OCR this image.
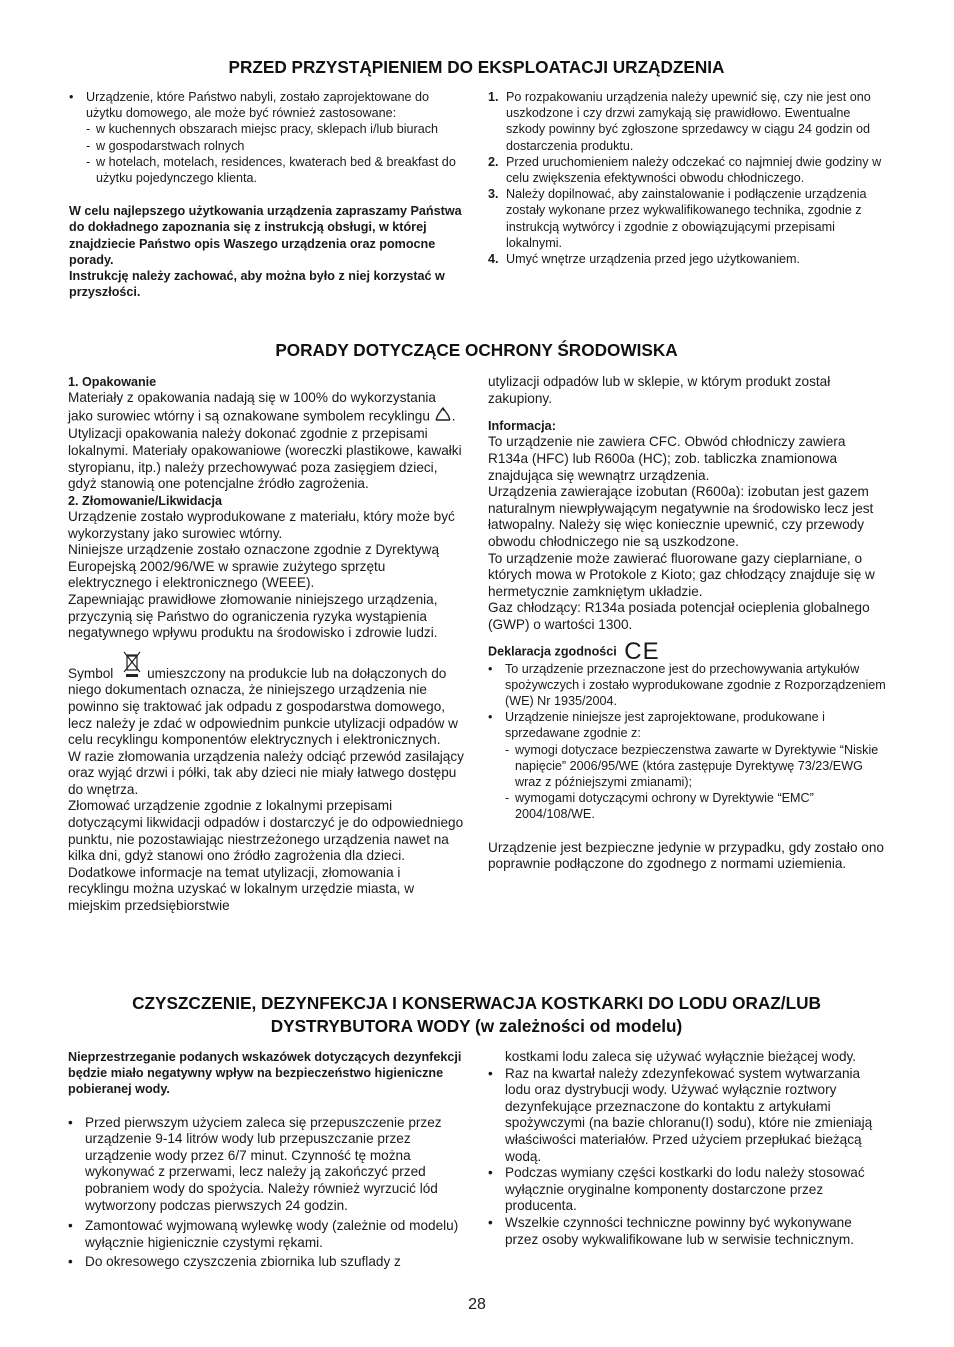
PRZED PRZYSTĄPIENIEM DO EKSPLOATACJI URZĄDZENIA
• Urządzenie, które Państwo nabyli, zostało zaprojektowane do użytku domowego, ale może być również zastosowane:
- w kuchennych obszarach miejsc pracy, sklepach i/lub biurach
- w gospodarstwach rolnych
- w hotelach, motelach, residences, kwaterach bed & breakfast do użytku pojedynczego klienta.

W celu najlepszego użytkowania urządzenia zapraszamy Państwa do dokładnego zapoznania się z instrukcją obsługi, w której znajdziecie Państwo opis Waszego urządzenia oraz pomocne porady.

Instrukcję należy zachować, aby można było z niej korzystać w przyszłości.

1. Po rozpakowaniu urządzenia należy upewnić się, czy nie jest ono uszkodzone i czy drzwi zamykają się prawidłowo. Ewentualne szkody powinny być zgłoszone sprzedawcy w ciągu 24 godzin od dostarczenia produktu.
2. Przed uruchomieniem należy odczekać co najmniej dwie godziny w celu zwiększenia efektywności obwodu chłodniczego.
3. Należy dopilnować, aby zainstalowanie i podłączenie urządzenia zostały wykonane przez wykwalifikowanego technika, zgodnie z instrukcją wytwórcy i zgodnie z obowiązującymi przepisami lokalnymi.
4. Umyć wnętrze urządzenia przed jego użytkowaniem.
PORADY DOTYCZĄCE OCHRONY ŚRODOWISKA

1. Opakowanie

Materiały z opakowania nadają się w 100% do wykorzystania jako surowiec wtórny i są oznakowane symbolem recyklingu . Utylizacji opakowania należy dokonać zgodnie z przepisami lokalnymi. Materiały opakowaniowe (woreczki plastikowe, kawałki styropianu, itp.) należy przechowywać poza zasięgiem dzieci, gdyż stanowią one potencjalne źródło zagrożenia.

2. Złomowanie/Likwidacja

Urządzenie zostało wyprodukowane z materiału, który może być wykorzystany jako surowiec wtórny.

Niniejsze urządzenie zostało oznaczone zgodnie z Dyrektywą Europejską 2002/96/WE w sprawie zużytego sprzętu elektrycznego i elektronicznego (WEEE).

Zapewniając prawidłowe złomowanie niniejszego urządzenia, przyczynią się Państwo do ograniczenia ryzyka wystąpienia negatywnego wpływu produktu na środowisko i zdrowie ludzi.

Symbol umieszczony na produkcie lub na dołączonych do niego dokumentach oznacza, że niniejszego urządzenia nie powinno się traktować jak odpadu z gospodarstwa domowego, lecz należy je zdać w odpowiednim punkcie utylizacji odpadów w celu recyklingu komponentów elektrycznych i elektronicznych.

W razie złomowania urządzenia należy odciąć przewód zasilający oraz wyjąć drzwi i półki, tak aby dzieci nie miały łatwego dostępu do wnętrza.

Złomować urządzenie zgodnie z lokalnymi przepisami dotyczącymi likwidacji odpadów i dostarczyć je do odpowiedniego punktu, nie pozostawiając niestrzeżonego urządzenia nawet na kilka dni, gdyż stanowi ono źródło zagrożenia dla dzieci. Dodatkowe informacje na temat utylizacji, złomowania i recyklingu można uzyskać w lokalnym urzędzie miasta, w miejskim przedsiębiorstwie

utylizacji odpadów lub w sklepie, w którym produkt został zakupiony.

Informacja:

To urządzenie nie zawiera CFC. Obwód chłodniczy zawiera R134a (HFC) lub R600a (HC); zob. tabliczka znamionowa znajdująca się wewnątrz urządzenia.

Urządzenia zawierające izobutan (R600a): izobutan jest gazem naturalnym niewpływającym negatywnie na środowisko lecz jest łatwopalny. Należy się więc koniecznie upewnić, czy przewody obwodu chłodniczego nie są uszkodzone.

To urządzenie może zawierać fluorowane gazy cieplarniane, o których mowa w Protokole z Kioto; gaz chłodzący znajduje się w hermetycznie zamkniętym układzie.

Gaz chłodzący: R134a posiada potencjał ocieplenia globalnego (GWP) o wartości 1300.

Deklaracja zgodności CE

• To urządzenie przeznaczone jest do przechowywania artykułów spożywczych i zostało wyprodukowane zgodnie z Rozporządzeniem (WE) Nr 1935/2004.
• Urządzenie niniejsze jest zaprojektowane, produkowane i sprzedawane zgodnie z:
- wymogi dotyczace bezpieczenstwa zawarte w Dyrektywie “Niskie napięcie” 2006/95/WE (która zastępuje Dyrektywę 73/23/EWG wraz z późniejszymi zmianami);
- wymogami dotyczącymi ochrony w Dyrektywie “EMC” 2004/108/WE.

Urządzenie jest bezpieczne jedynie w przypadku, gdy zostało ono poprawnie podłączone do zgodnego z normami uziemienia.

CZYSZCZENIE, DEZYNFEKCJA I KONSERWACJA KOSTKARKI DO LODU ORAZ/LUB
DYSTRYBUTORA WODY (w zależności od modelu)

Nieprzestrzeganie podanych wskazówek dotyczących dezynfekcji będzie miało negatywny wpływ na bezpieczeństwo higieniczne pobieranej wody.

• Przed pierwszym użyciem zaleca się przepuszczenie przez urządzenie 9-14 litrów wody lub przepuszczanie przez urządzenie wody przez 6/7 minut. Czynność tę można wykonywać z przerwami, lecz należy ją zakończyć przed pobraniem wody do spożycia. Należy również wyrzucić lód wytworzony podczas pierwszych 24 godzin.
• Zamontować wyjmowaną wylewkę wody (zależnie od modelu) wyłącznie higienicznie czystymi rękami.
• Do okresowego czyszczenia zbiornika lub szuflady z

kostkami lodu zaleca się używać wyłącznie bieżącej wody.

• Raz na kwartał należy zdezynfekować system wytwarzania lodu oraz dystrybucji wody. Używać wyłącznie roztwory dezynfekujące przeznaczone do kontaktu z artykułami spożywczymi (na bazie chloranu(I) sodu), które nie zmieniają właściwości materiałów. Przed użyciem przepłukać bieżącą wodą.
• Podczas wymiany części kostkarki do lodu należy stosować wyłącznie oryginalne komponenty dostarczone przez producenta.
• Wszelkie czynności techniczne powinny być wykonywane przez osoby wykwalifikowane lub w serwisie technicznym.
28
